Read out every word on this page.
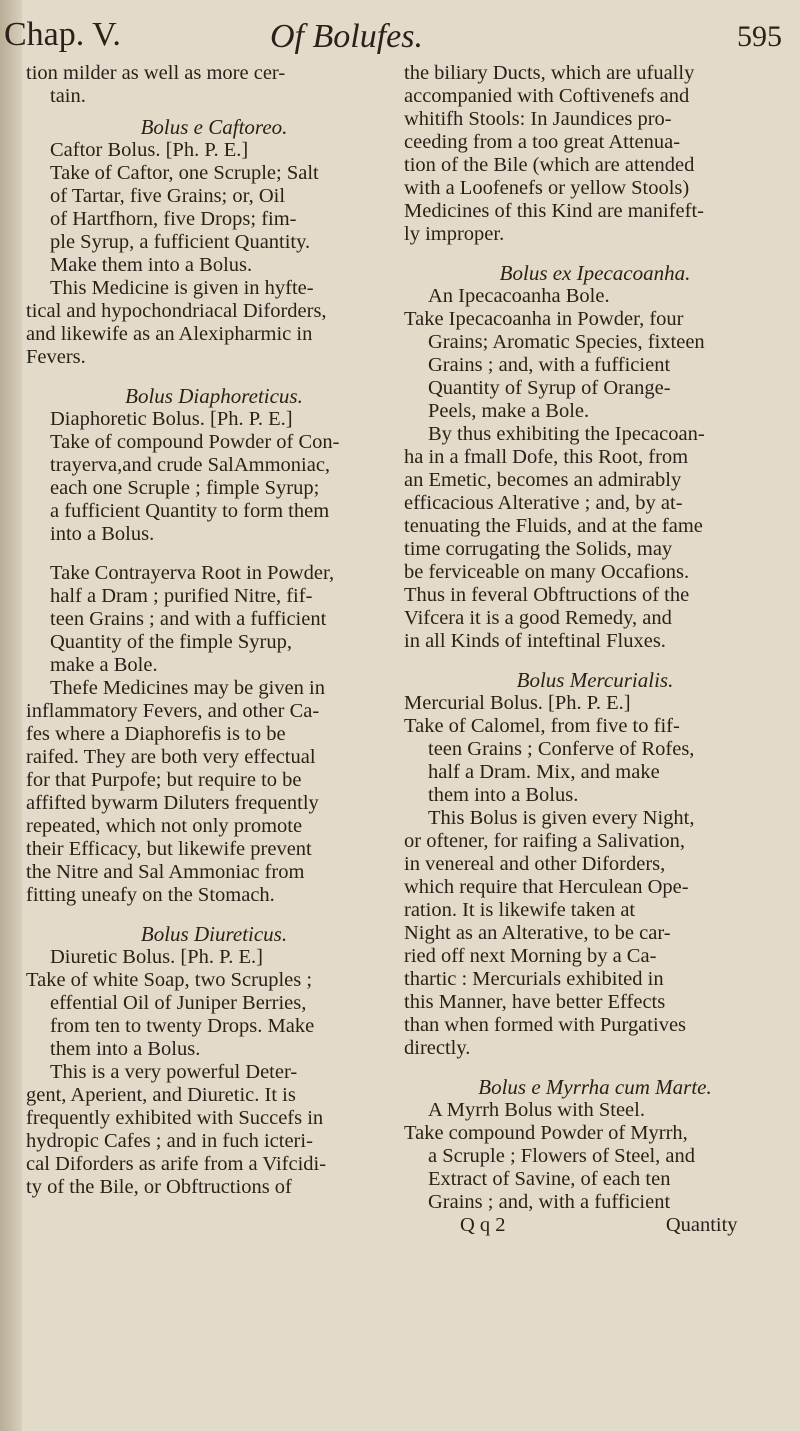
Chap. V.	Of Bolufes.	595
tion milder as well as more cer-
tain.
Bolus e Caftoreo.
Caftor Bolus. [Ph. P. E.]
Take of Caftor, one Scruple; Salt
of Tartar, five Grains; or, Oil
of Hartfhorn, five Drops; fim-
ple Syrup, a fufficient Quantity.
Make them into a Bolus.
This Medicine is given in hyfte-
tical and hypochondriacal Diforders,
and likewife as an Alexipharmic in
Fevers.
Bolus Diaphoreticus.
Diaphoretic Bolus. [Ph. P. E.]
Take of compound Powder of Con-
trayerva,and crude SalAmmoniac,
each one Scruple ; fimple Syrup;
a fufficient Quantity to form them
into a Bolus.
Take Contrayerva Root in Powder,
half a Dram ; purified Nitre, fif-
teen Grains ; and with a fufficient
Quantity of the fimple Syrup,
make a Bole.
Thefe Medicines may be given in
inflammatory Fevers, and other Ca-
fes where a Diaphorefis is to be
raifed. They are both very effectual
for that Purpofe; but require to be
affifted bywarm Diluters frequently
repeated, which not only promote
their Efficacy, but likewife prevent
the Nitre and Sal Ammoniac from
fitting uneafy on the Stomach.
Bolus Diureticus.
Diuretic Bolus. [Ph. P. E.]
Take of white Soap, two Scruples ;
effential Oil of Juniper Berries,
from ten to twenty Drops. Make
them into a Bolus.
This is a very powerful Deter-
gent, Aperient, and Diuretic. It is
frequently exhibited with Succefs in
hydropic Cafes ; and in fuch icteri-
cal Diforders as arife from a Vifcidi-
ty of the Bile, or Obftructions of
the biliary Ducts, which are ufually
accompanied with Coftivenefs and
whitifh Stools: In Jaundices pro-
ceeding from a too great Attenua-
tion of the Bile (which are attended
with a Loofenefs or yellow Stools)
Medicines of this Kind are manifeft-
ly improper.
Bolus ex Ipecacoanha.
An Ipecacoanha Bole.
Take Ipecacoanha in Powder, four
Grains; Aromatic Species, fixteen
Grains ; and, with a fufficient
Quantity of Syrup of Orange-
Peels, make a Bole.
By thus exhibiting the Ipecacoan-
ha in a fmall Dofe, this Root, from
an Emetic, becomes an admirably
efficacious Alterative ; and, by at-
tenuating the Fluids, and at the fame
time corrugating the Solids, may
be ferviceable on many Occafions.
Thus in feveral Obftructions of the
Vifcera it is a good Remedy, and
in all Kinds of inteftinal Fluxes.
Bolus Mercurialis.
Mercurial Bolus. [Ph. P. E.]
Take of Calomel, from five to fif-
teen Grains ; Conferve of Rofes,
half a Dram. Mix, and make
them into a Bolus.
This Bolus is given every Night,
or oftener, for raifing a Salivation,
in venereal and other Diforders,
which require that Herculean Ope-
ration. It is likewife taken at
Night as an Alterative, to be car-
ried off next Morning by a Ca-
thartic : Mercurials exhibited in
this Manner, have better Effects
than when formed with Purgatives
directly.
Bolus e Myrrha cum Marte.
A Myrrh Bolus with Steel.
Take compound Powder of Myrrh,
a Scruple ; Flowers of Steel, and
Extract of Savine, of each ten
Grains ; and, with a fufficient
Q q 2	Quantity
